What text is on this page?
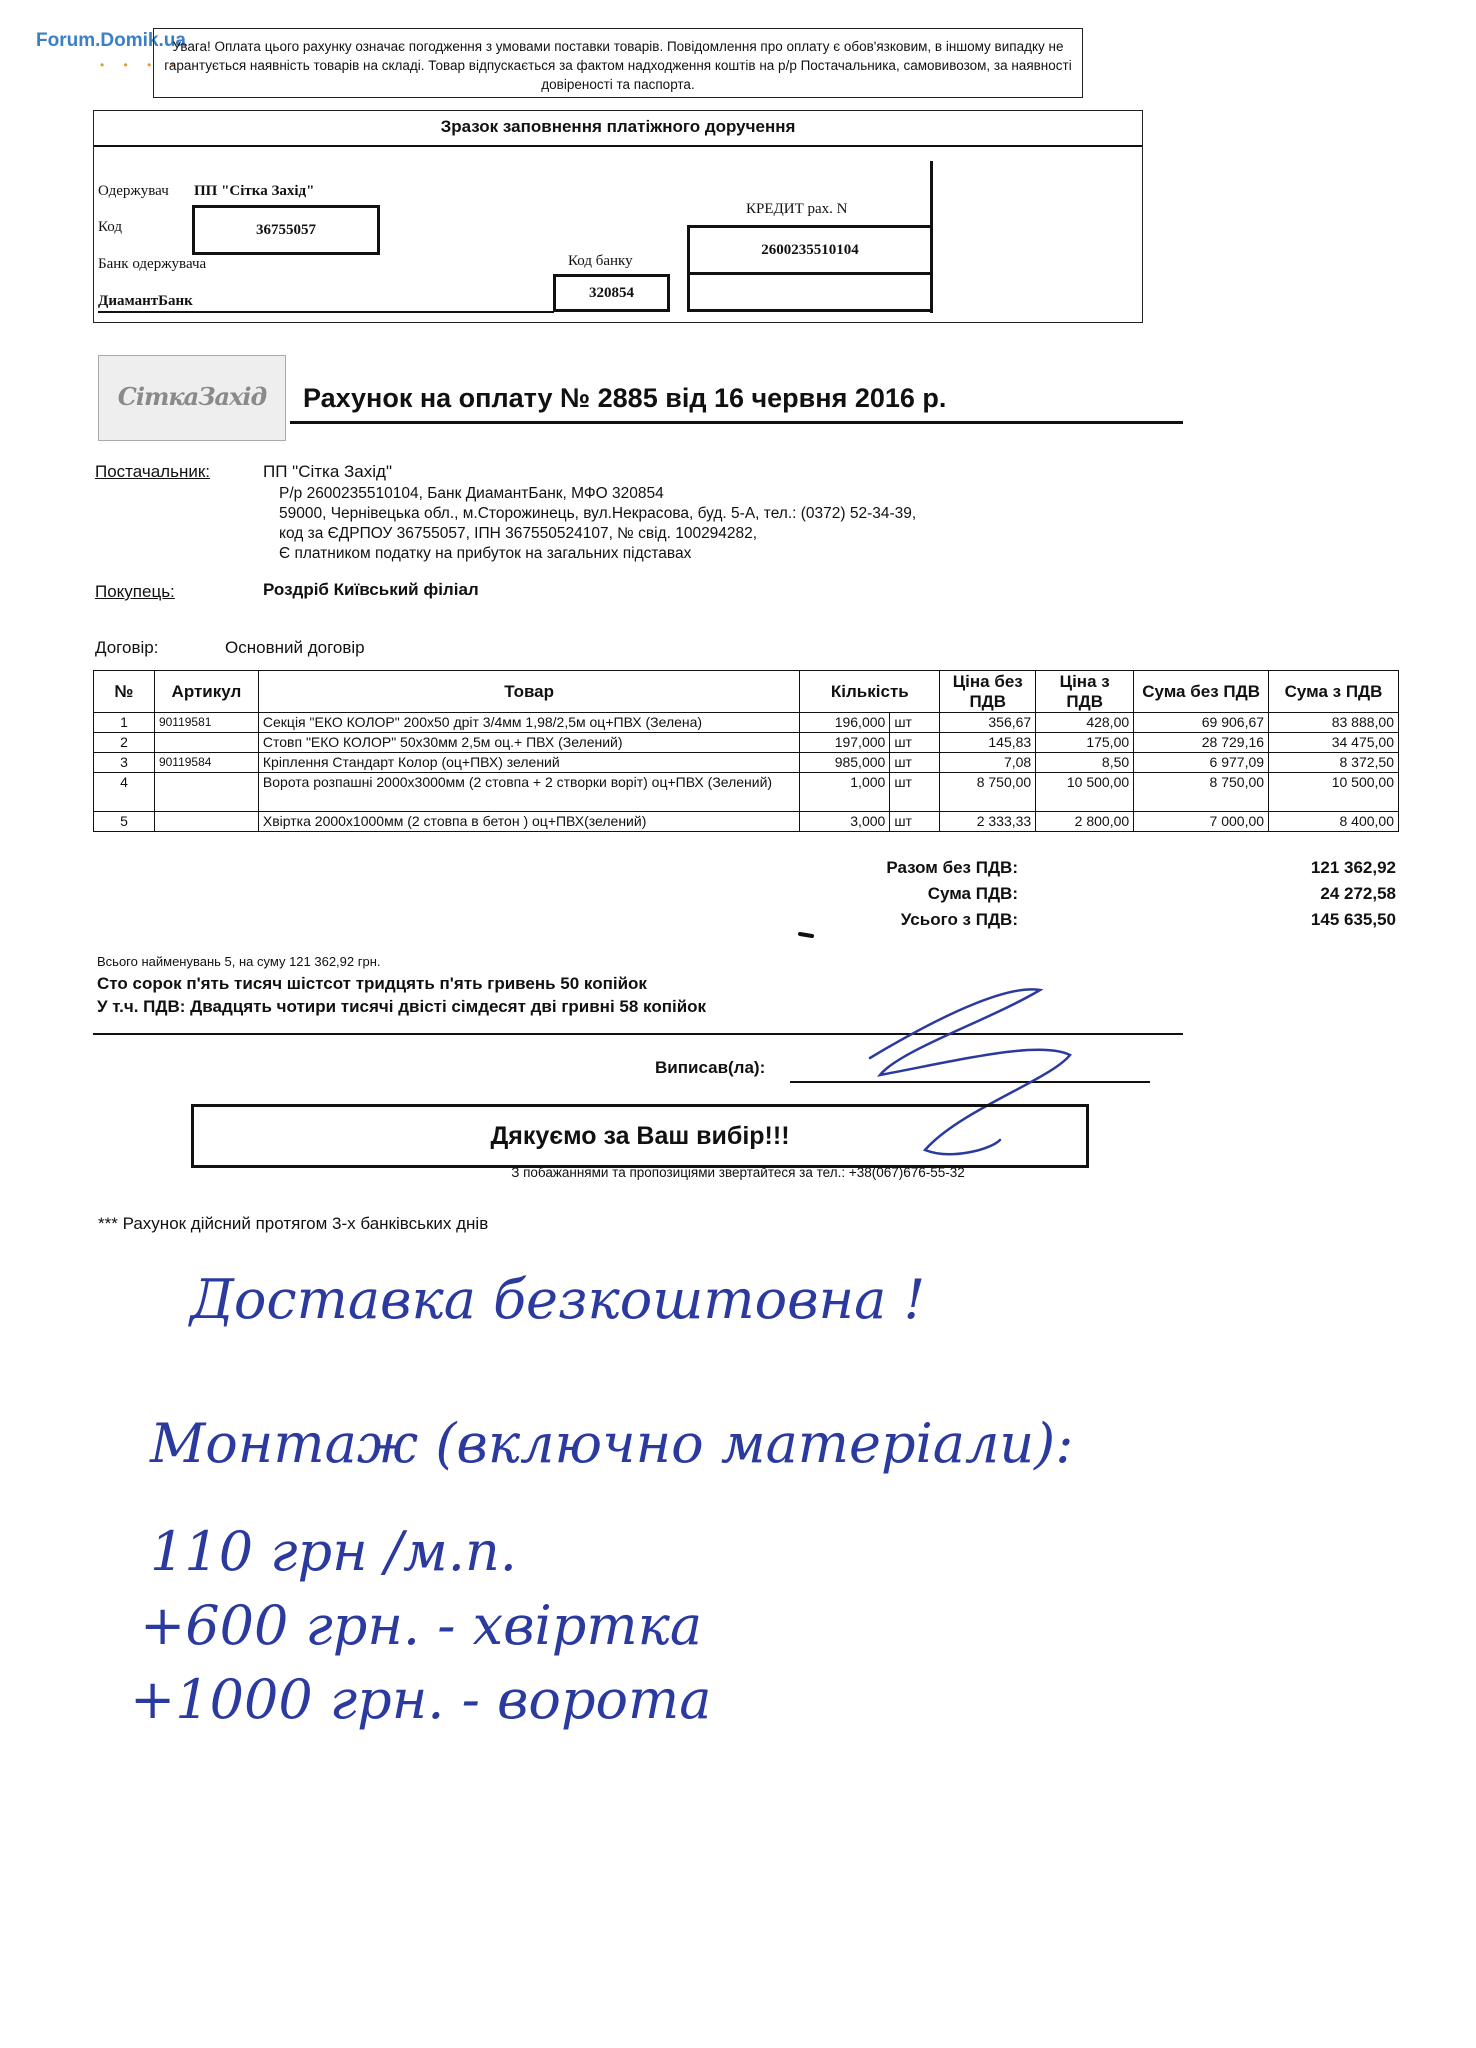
Forum.Domik.ua
• • • •
Увага! Оплата цього рахунку означає погодження з умовами поставки товарів. Повідомлення про оплату є обов'язковим, в іншому випадку не гарантується наявність товарів на складі. Товар відпускається за фактом надходження коштів на р/р Постачальника, самовивозом, за наявності довіреності та паспорта.
Зразок заповнення платіжного доручення
Одержувач ПП "Сітка Захід"
Код	36755057
Банк одержувача
ДиамантБанк
Код банку
320854
КРЕДИТ рах. N
2600235510104
СіткаЗахід	Рахунок на оплату № 2885 від 16 червня 2016 р.
Постачальник:	ПП "Сітка Захід"
Р/р 2600235510104, Банк ДиамантБанк, МФО 320854
59000, Чернівецька обл., м.Сторожинець, вул.Некрасова, буд. 5-А, тел.: (0372) 52-34-39,
код за ЄДРПОУ 36755057, ІПН 367550524107, № свід. 100294282,
Є платником податку на прибуток на загальних підставах
Покупець:	Роздріб Київський філіал
Договір:	Основний договір
№	Артикул	Товар	Кількість		Ціна без ПДВ	Ціна з ПДВ	Сума без ПДВ	Сума з ПДВ
1	90119581	Секція "ЕКО КОЛОР" 200х50 дріт 3/4мм 1,98/2,5м оц+ПВХ (Зелена)	196,000	шт	356,67	428,00	69 906,67	83 888,00
2		Стовп "ЕКО КОЛОР" 50х30мм 2,5м оц.+ ПВХ (Зелений)	197,000	шт	145,83	175,00	28 729,16	34 475,00
3	90119584	Кріплення Стандарт Колор (оц+ПВХ) зелений	985,000	шт	7,08	8,50	6 977,09	8 372,50
4		Ворота розпашні 2000х3000мм (2 стовпа + 2 створки воріт) оц+ПВХ (Зелений)	1,000	шт	8 750,00	10 500,00	8 750,00	10 500,00
5		Хвіртка 2000х1000мм (2 стовпа в бетон ) оц+ПВХ(зелений)	3,000	шт	2 333,33	2 800,00	7 000,00	8 400,00
Разом без ПДВ:	121 362,92
Сума ПДВ:	24 272,58
Усього з ПДВ:	145 635,50
Всього найменувань 5, на суму 121 362,92 грн.
Сто сорок п'ять тисяч шістсот тридцять п'ять гривень 50 копійок
У т.ч. ПДВ: Двадцять чотири тисячі двісті сімдесят дві гривні 58 копійок
Виписав(ла):
Дякуємо за Ваш вибір!!!
З побажаннями та пропозиціями звертайтеся за тел.: +38(067)676-55-32
*** Рахунок дійсний протягом 3-х банківських днів
Доставка безкоштовна !
Монтаж (включно матеріали):
110 грн /м.п.
+600 грн. - хвіртка
+1000 грн. - ворота
